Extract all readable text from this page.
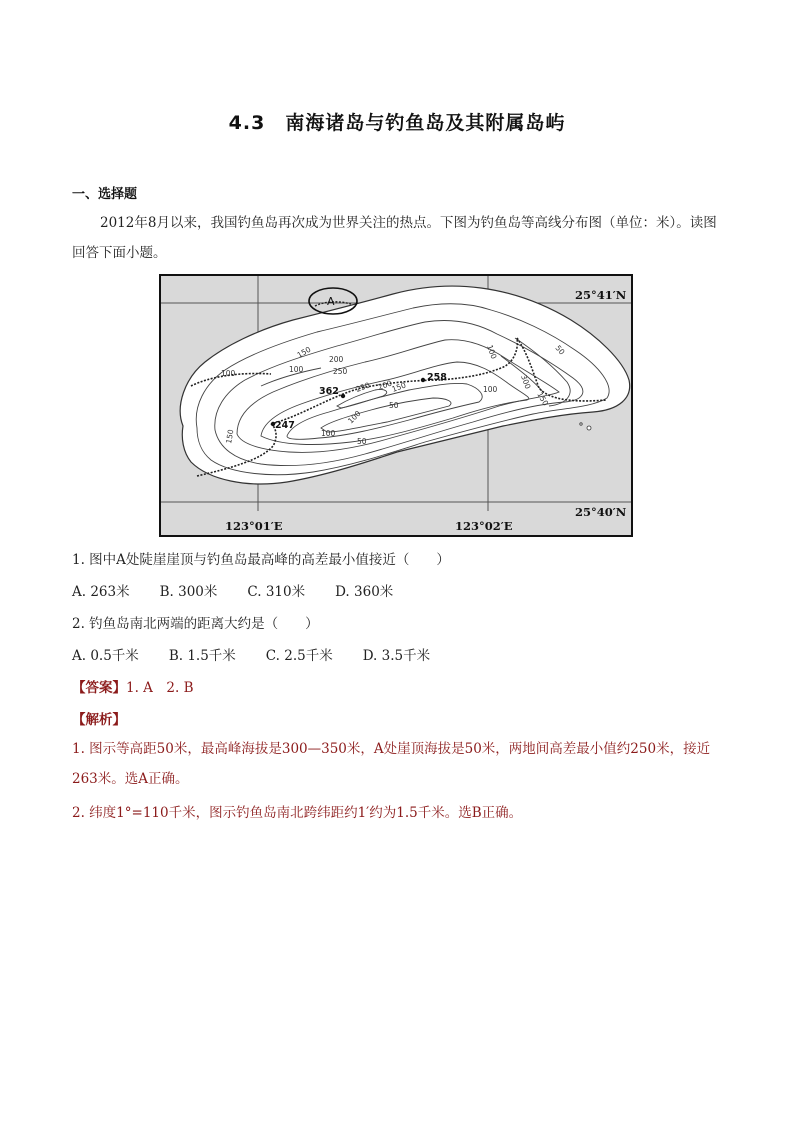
4.3　南海诸岛与钓鱼岛及其附属岛屿
一、选择题

2012年8月以来，我国钓鱼岛再次成为世界关注的热点。下图为钓鱼岛等高线分布图（单位：米）。读图回答下面小题。

A
362
258
247
100
150 200
250
100
50
100
150
300
250 200
150
100
50
150
100
50
100
25°41′N
25°40′N
123°01′E	123°02′E

1. 图中A处陡崖崖顶与钓鱼岛最高峰的高差最小值接近（　　）

A. 263米 B. 300米 C. 310米 D. 360米

2. 钓鱼岛南北两端的距离大约是（　　）

A. 0.5千米 B. 1.5千米 C. 2.5千米 D. 3.5千米

【答案】1. A　2. B

【解析】

1. 图示等高距50米，最高峰海拔是300—350米，A处崖顶海拔是50米，两地间高差最小值约250米，接近263米。选A正确。

2. 纬度1°=110千米，图示钓鱼岛南北跨纬距约1′约为1.5千米。选B正确。
